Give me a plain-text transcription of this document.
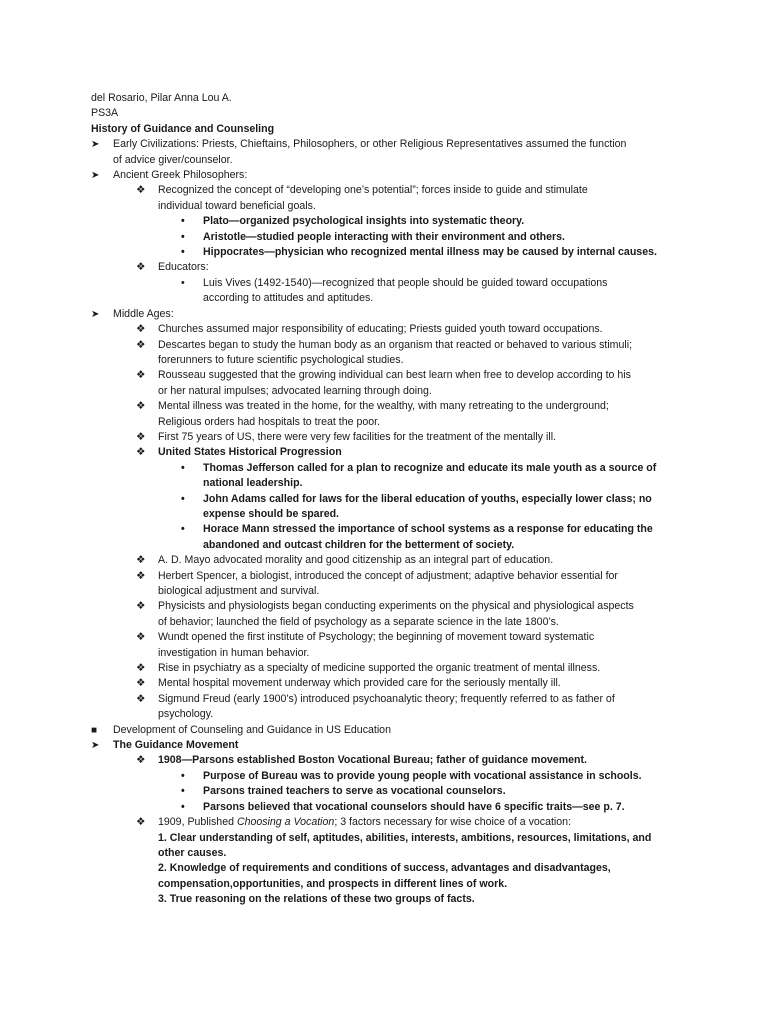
del Rosario, Pilar Anna Lou A.
PS3A
History of Guidance and Counseling
➤ Early Civilizations: Priests, Chieftains, Philosophers, or other Religious Representatives assumed the function
of advice giver/counselor.
➤ Ancient Greek Philosophers:
❖ Recognized the concept of “developing one’s potential”; forces inside to guide and stimulate
individual toward beneficial goals.
• Plato—organized psychological insights into systematic theory.
• Aristotle—studied people interacting with their environment and others.
• Hippocrates—physician who recognized mental illness may be caused by internal causes.
❖ Educators:
• Luis Vives (1492-1540)—recognized that people should be guided toward occupations
according to attitudes and aptitudes.
➤ Middle Ages:
❖ Churches assumed major responsibility of educating; Priests guided youth toward occupations.
❖ Descartes began to study the human body as an organism that reacted or behaved to various stimuli;
forerunners to future scientific psychological studies.
❖ Rousseau suggested that the growing individual can best learn when free to develop according to his
or her natural impulses; advocated learning through doing.
❖ Mental illness was treated in the home, for the wealthy, with many retreating to the underground;
Religious orders had hospitals to treat the poor.
❖ First 75 years of US, there were very few facilities for the treatment of the mentally ill.
❖ United States Historical Progression
• Thomas Jefferson called for a plan to recognize and educate its male youth as a source of
national leadership.
• John Adams called for laws for the liberal education of youths, especially lower class; no
expense should be spared.
• Horace Mann stressed the importance of school systems as a response for educating the
abandoned and outcast children for the betterment of society.
❖ A. D. Mayo advocated morality and good citizenship as an integral part of education.
❖ Herbert Spencer, a biologist, introduced the concept of adjustment; adaptive behavior essential for
biological adjustment and survival.
❖ Physicists and physiologists began conducting experiments on the physical and physiological aspects
of behavior; launched the field of psychology as a separate science in the late 1800’s.
❖ Wundt opened the first institute of Psychology; the beginning of movement toward systematic
investigation in human behavior.
❖ Rise in psychiatry as a specialty of medicine supported the organic treatment of mental illness.
❖ Mental hospital movement underway which provided care for the seriously mentally ill.
❖ Sigmund Freud (early 1900’s) introduced psychoanalytic theory; frequently referred to as father of
psychology.
■ Development of Counseling and Guidance in US Education
➤ The Guidance Movement
❖ 1908—Parsons established Boston Vocational Bureau; father of guidance movement.
• Purpose of Bureau was to provide young people with vocational assistance in schools.
• Parsons trained teachers to serve as vocational counselors.
• Parsons believed that vocational counselors should have 6 specific traits—see p. 7.
❖ 1909, Published Choosing a Vocation; 3 factors necessary for wise choice of a vocation:
1. Clear understanding of self, aptitudes, abilities, interests, ambitions, resources, limitations, and
other causes.
2. Knowledge of requirements and conditions of success, advantages and disadvantages,
compensation,opportunities, and prospects in different lines of work.
3. True reasoning on the relations of these two groups of facts.
